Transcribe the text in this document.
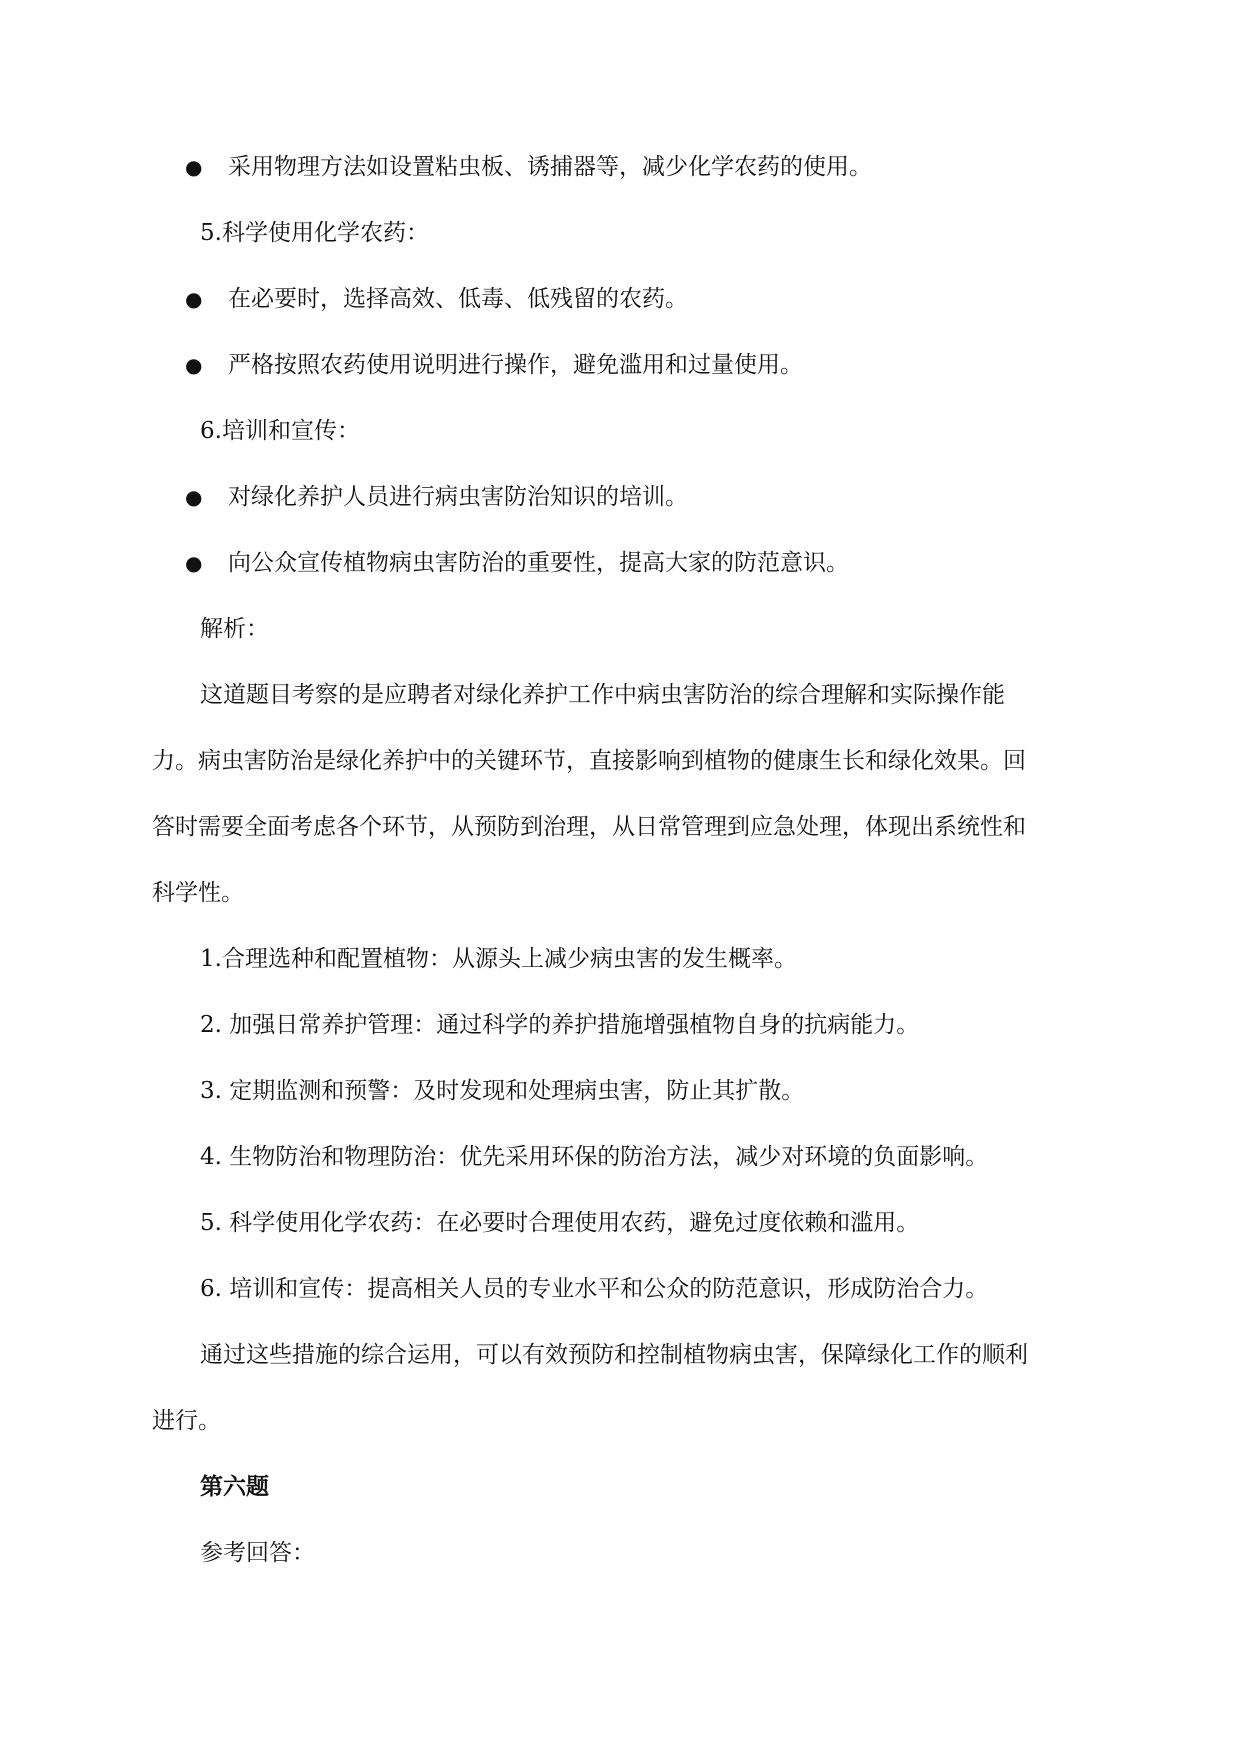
● 采用物理方法如设置粘虫板、诱捕器等，减少化学农药的使用。
5.科学使用化学农药：
● 在必要时，选择高效、低毒、低残留的农药。
● 严格按照农药使用说明进行操作，避免滥用和过量使用。
6.培训和宣传：
● 对绿化养护人员进行病虫害防治知识的培训。
● 向公众宣传植物病虫害防治的重要性，提高大家的防范意识。
解析：
这道题目考察的是应聘者对绿化养护工作中病虫害防治的综合理解和实际操作能
力。病虫害防治是绿化养护中的关键环节，直接影响到植物的健康生长和绿化效果。回
答时需要全面考虑各个环节，从预防到治理，从日常管理到应急处理，体现出系统性和
科学性。
1.合理选种和配置植物：从源头上减少病虫害的发生概率。
2. 加强日常养护管理：通过科学的养护措施增强植物自身的抗病能力。
3. 定期监测和预警：及时发现和处理病虫害，防止其扩散。
4. 生物防治和物理防治：优先采用环保的防治方法，减少对环境的负面影响。
5. 科学使用化学农药：在必要时合理使用农药，避免过度依赖和滥用。
6. 培训和宣传：提高相关人员的专业水平和公众的防范意识，形成防治合力。
通过这些措施的综合运用，可以有效预防和控制植物病虫害，保障绿化工作的顺利
进行。
第六题
参考回答：
